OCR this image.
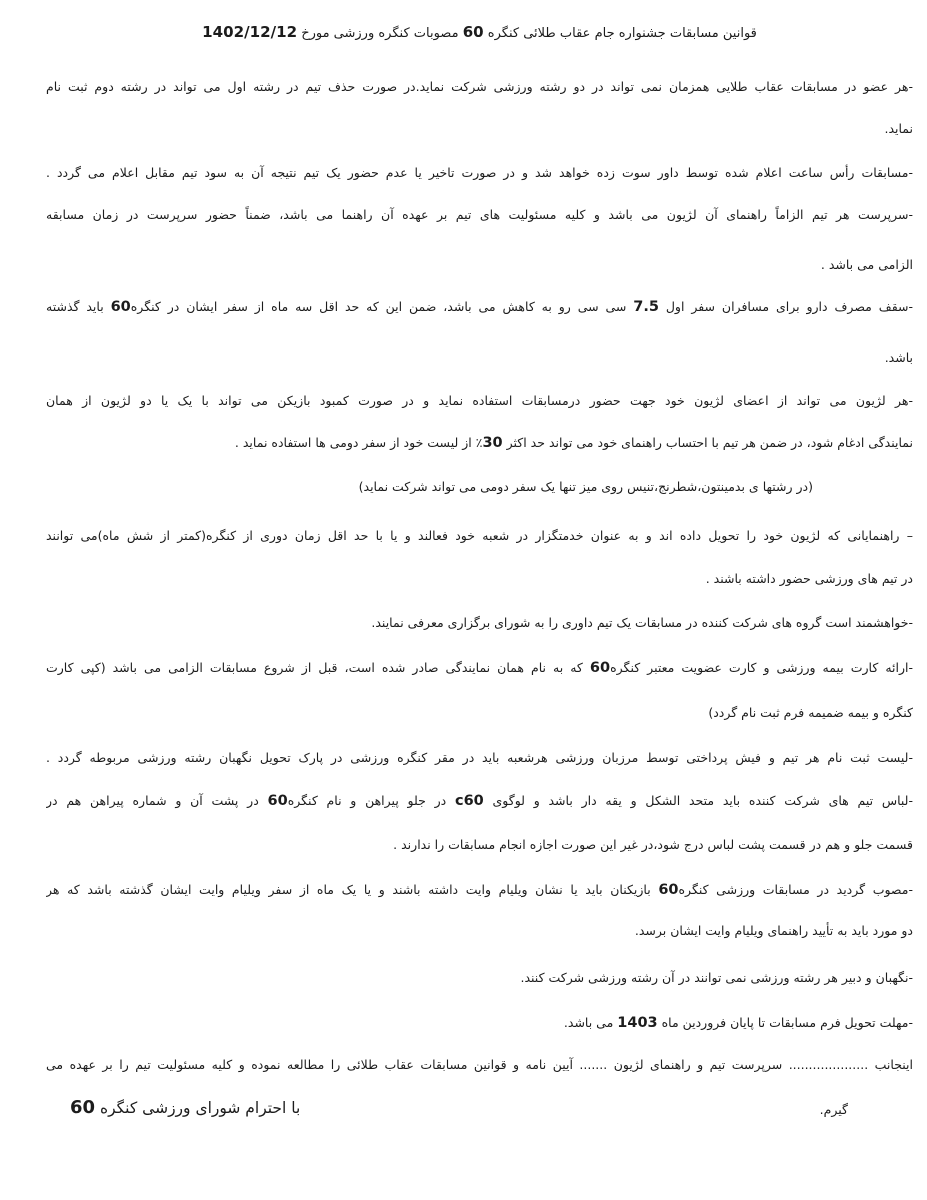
قوانین مسابقات جشنواره جام عقاب طلائی کنگره 60 مصوبات کنگره ورزشی مورخ 1402/12/12
-هر عضو در مسابقات عقاب طلایی همزمان نمی تواند در دو رشته ورزشی شرکت نماید.در صورت حذف تیم در رشته اول می تواند در رشته دوم ثبت نام
نماید.
-مسابقات رأس ساعت اعلام شده توسط داور سوت زده خواهد شد و در صورت تاخیر یا عدم حضور یک تیم نتیجه آن به سود تیم مقابل اعلام می گردد .
-سرپرست هر تیم الزاماً راهنمای آن لژیون می باشد و کلیه مسئولیت های تیم بر عهده آن راهنما می باشد، ضمناً حضور سرپرست در زمان مسابقه
الزامی می باشد .
-سقف مصرف دارو برای مسافران سفر اول 7.5 سی سی رو به کاهش می باشد، ضمن این که حد اقل سه ماه از سفر ایشان در کنگره60 باید گذشته
باشد.
-هر لژیون می تواند از اعضای لژیون خود جهت حضور درمسابقات استفاده نماید و در صورت کمبود بازیکن می تواند با یک یا دو لژیون از همان
نمایندگی ادغام شود، در ضمن هر تیم با احتساب راهنمای خود می تواند حد اکثر 30٪ از لیست خود از سفر دومی ها استفاده نماید .
(در رشتها ی بدمینتون،شطرنج،تنیس روی میز تنها یک سفر دومی می تواند شرکت نماید)
– راهنمایانی که لژیون خود را تحویل داده اند و به عنوان خدمتگزار در شعبه خود فعالند و یا با حد اقل زمان دوری از کنگره(کمتر از شش ماه)می توانند
در تیم های ورزشی حضور داشته باشند .
-خواهشمند است گروه های شرکت کننده در مسابقات یک تیم داوری را به شورای برگزاری معرفی نمایند.
-ارائه کارت بیمه ورزشی و کارت عضویت معتبر کنگره60 که به نام همان نمایندگی صادر شده است، قبل از شروع مسابقات الزامی می باشد (کپی کارت
کنگره و بیمه ضمیمه فرم ثبت نام گردد)
-لیست ثبت نام هر تیم و فیش پرداختی توسط مرزبان ورزشی هرشعبه باید در مقر کنگره ورزشی در پارک تحویل نگهبان رشته ورزشی مربوطه گردد .
-لباس تیم های شرکت کننده باید متحد الشکل و یقه دار باشد و لوگوی c60 در جلو پیراهن و نام کنگره60 در پشت آن و شماره پیراهن هم در
قسمت جلو و هم در قسمت پشت لباس درج شود،در غیر این صورت اجازه انجام مسابقات را ندارند .
-مصوب گردید در مسابقات ورزشی کنگره60 بازیکنان باید یا نشان ویلیام وایت داشته باشند و یا یک ماه از سفر ویلیام وایت ایشان گذشته باشد که هر
دو مورد باید به تأیید راهنمای ویلیام وایت ایشان برسد.
-نگهبان و دبیر هر رشته ورزشی نمی توانند در آن رشته ورزشی شرکت کنند.
-مهلت تحویل فرم مسابقات تا پایان فروردین ماه 1403 می باشد.
اینجانب .................... سرپرست تیم و راهنمای لژیون ....... آیین نامه و قوانین مسابقات عقاب طلائی را مطالعه نموده و کلیه مسئولیت تیم را بر عهده می
گیرم.
با احترام شورای ورزشی کنگره 60
